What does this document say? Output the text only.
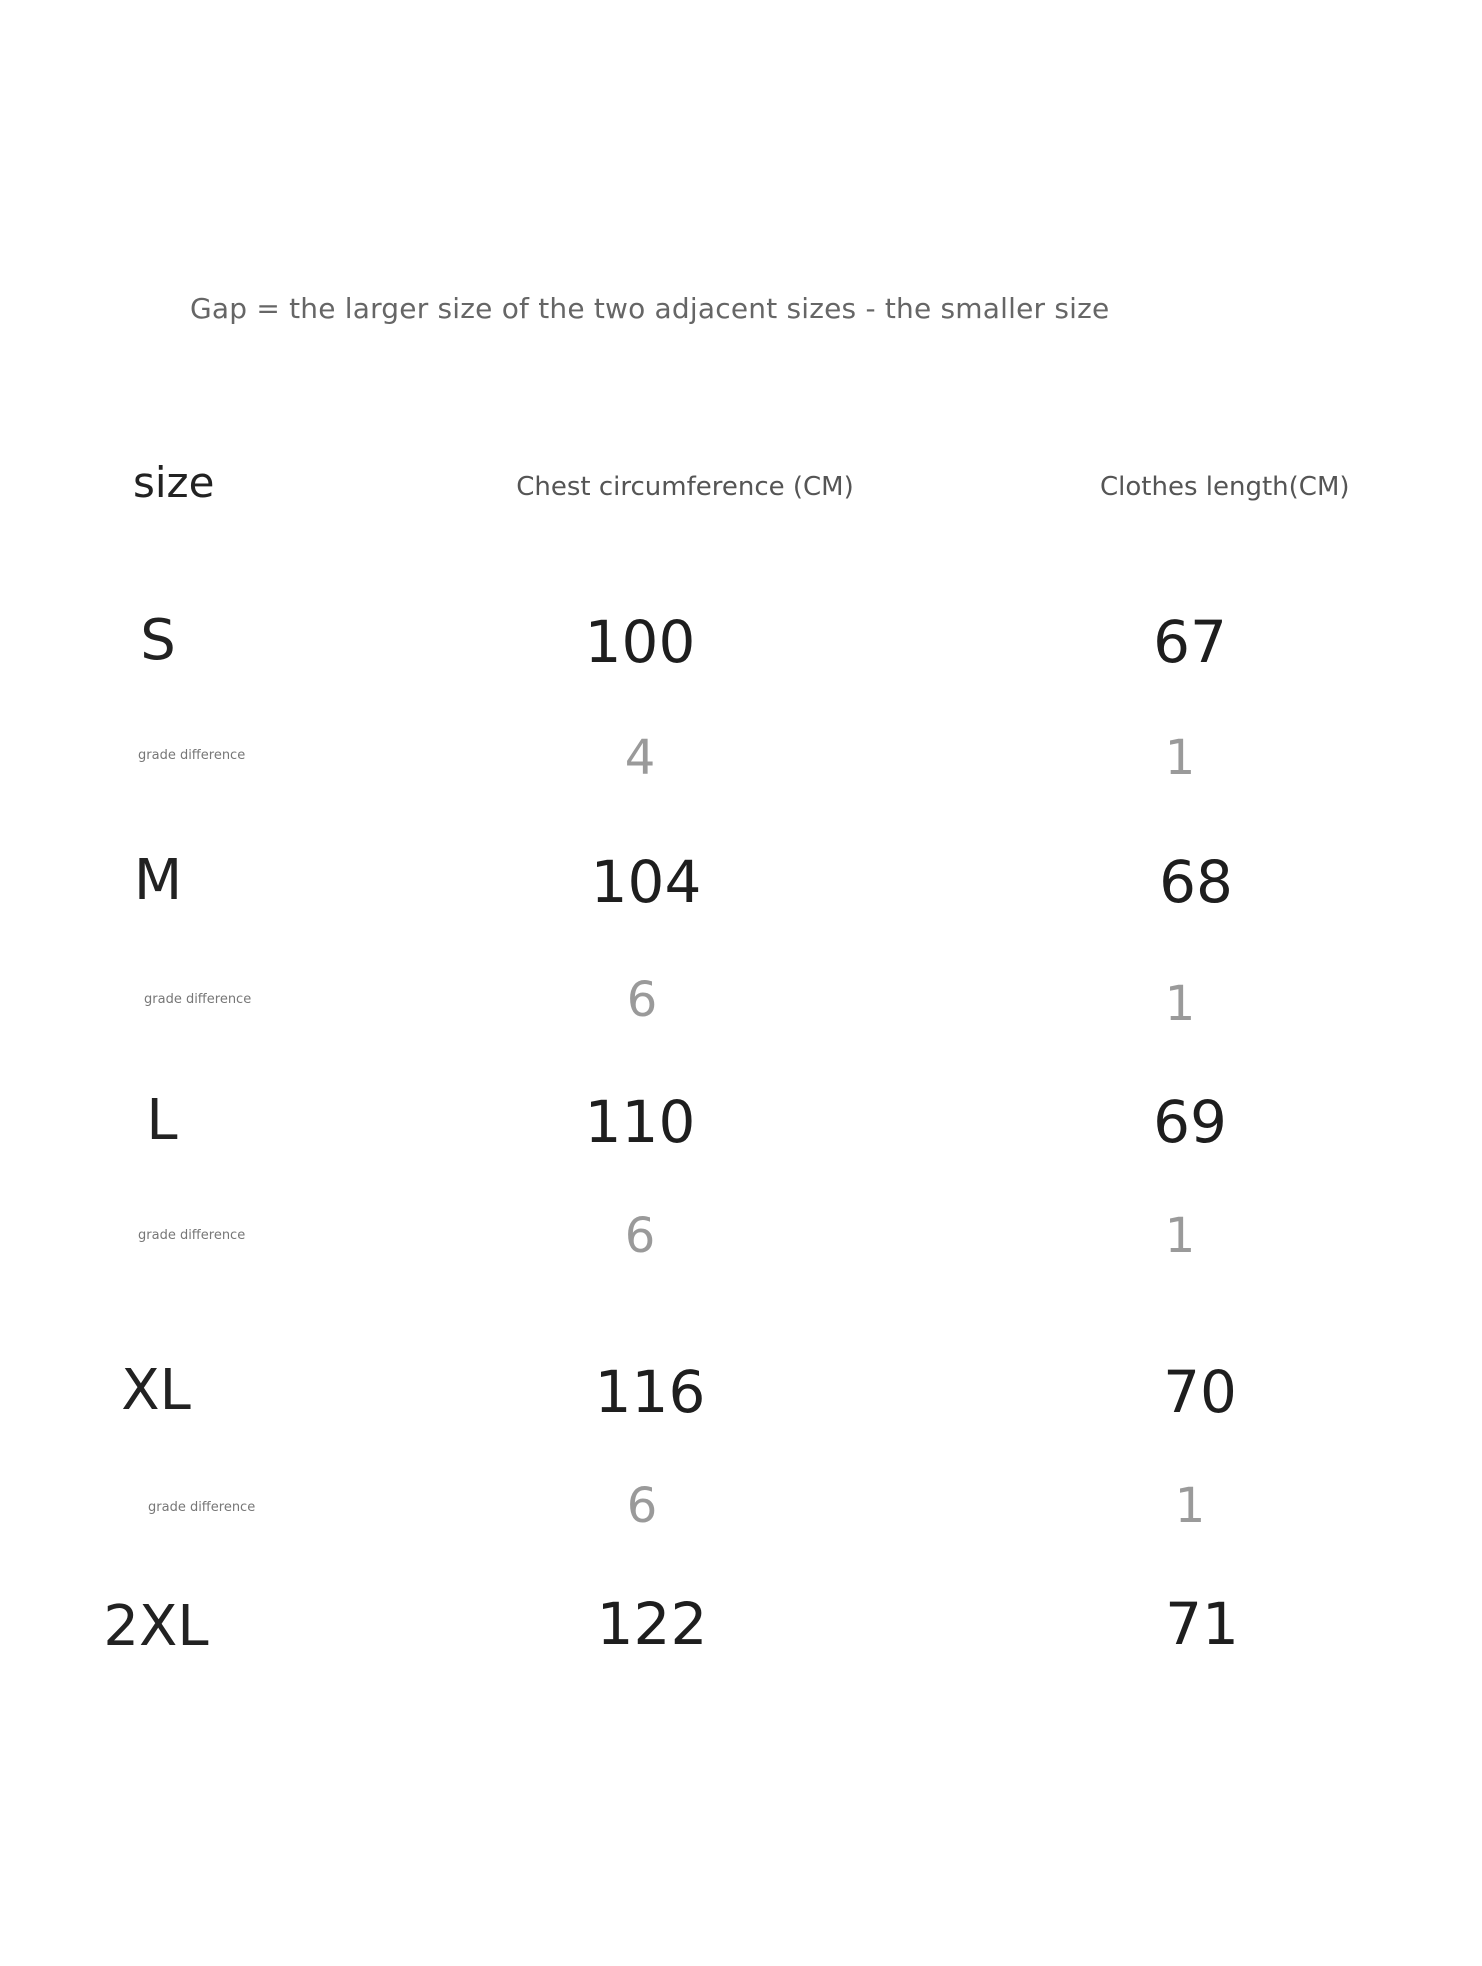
Gap = the larger size of the two adjacent sizes - the smaller size
size	Chest circumference (CM)	Clothes length(CM)
S	100	67
grade difference	4	1
M	104	68
grade difference	6	1
L	110	69
grade difference	6	1
XL	116	70
grade difference	6	1
2XL	122	71
